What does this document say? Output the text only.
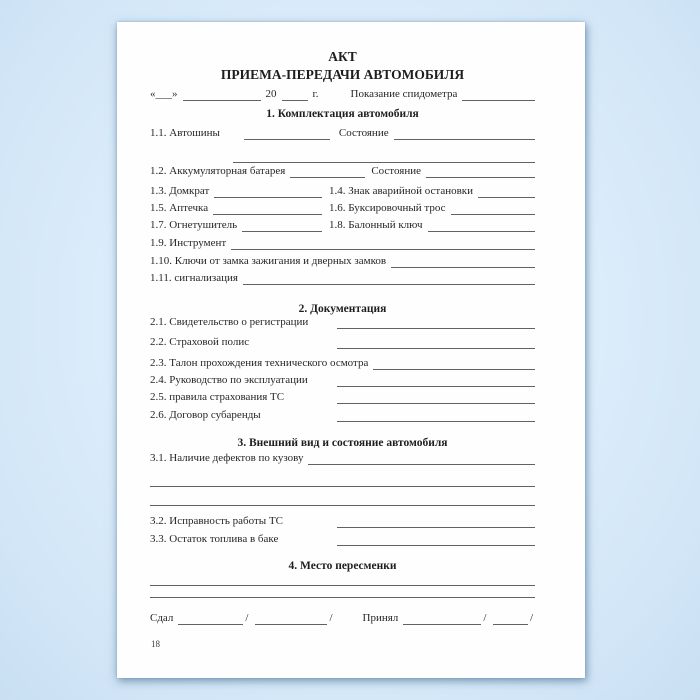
АКТ
ПРИЕМА-ПЕРЕДАЧИ АВТОМОБИЛЯ
«___»	20	г.	Показание спидометра
1. Комплектация автомобиля
1.1. Автошины	Состояние
1.2. Аккумуляторная батарея	Состояние
1.3. Домкрат	1.4. Знак аварийной остановки
1.5. Аптечка	1.6. Буксировочный трос
1.7. Огнетушитель	1.8. Балонный ключ
1.9. Инструмент
1.10. Ключи от замка зажигания и дверных замков
1.11. сигнализация
2. Документация
2.1. Свидетельство о регистрации
2.2. Страховой полис
2.3. Талон прохождения технического осмотра
2.4. Руководство по эксплуатации
2.5. правила страхования ТС
2.6. Договор субаренды
3. Внешний вид и состояние автомобиля
3.1. Наличие дефектов по кузову
3.2. Исправность работы ТС
3.3. Остаток топлива в баке
4. Место пересменки
Сдал	/	/	Принял	/	/
18
